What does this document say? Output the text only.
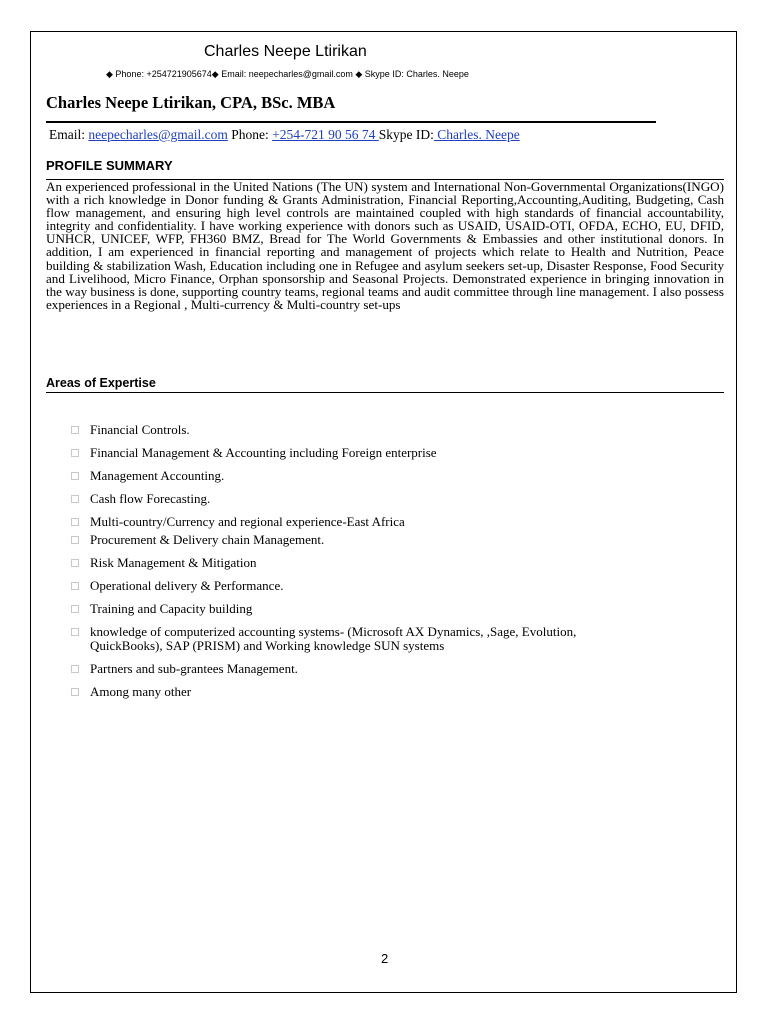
Charles Neepe Ltirikan
◆ Phone: +254721905674◆ Email: neepecharles@gmail.com ◆ Skype ID: Charles. Neepe
Charles Neepe Ltirikan, CPA, BSc. MBA
Email: neepecharles@gmail.com Phone: +254-721 90 56 74 Skype ID: Charles. Neepe
PROFILE SUMMARY

An experienced professional in the United Nations (The UN) system and International Non-Governmental Organizations(INGO) with a rich knowledge in Donor funding & Grants Administration, Financial Reporting,Accounting,Auditing, Budgeting, Cash flow management, and ensuring high level controls are maintained coupled with high standards of financial accountability, integrity and confidentiality. I have working experience with donors such as USAID, USAID-OTI, OFDA, ECHO, EU, DFID, UNHCR, UNICEF, WFP, FH360 BMZ, Bread for The World Governments & Embassies and other institutional donors. In addition, I am experienced in financial reporting and management of projects which relate to Health and Nutrition, Peace building & stabilization Wash, Education including one in Refugee and asylum seekers set-up, Disaster Response, Food Security and Livelihood, Micro Finance, Orphan sponsorship and Seasonal Projects. Demonstrated experience in bringing innovation in the way business is done, supporting country teams, regional teams and audit committee through line management. I also possess experiences in a Regional , Multi-currency & Multi-country set-ups

Areas of Expertise
Financial Controls.
Financial Management & Accounting including Foreign enterprise
Management Accounting.
Cash flow Forecasting.
Multi-country/Currency and regional experience-East Africa
Procurement & Delivery chain Management.
Risk Management & Mitigation
Operational delivery & Performance.
Training and Capacity building
knowledge of computerized accounting systems- (Microsoft AX Dynamics, ,Sage, Evolution, QuickBooks), SAP (PRISM) and Working knowledge SUN systems
Partners and sub-grantees Management.
Among many other
2
